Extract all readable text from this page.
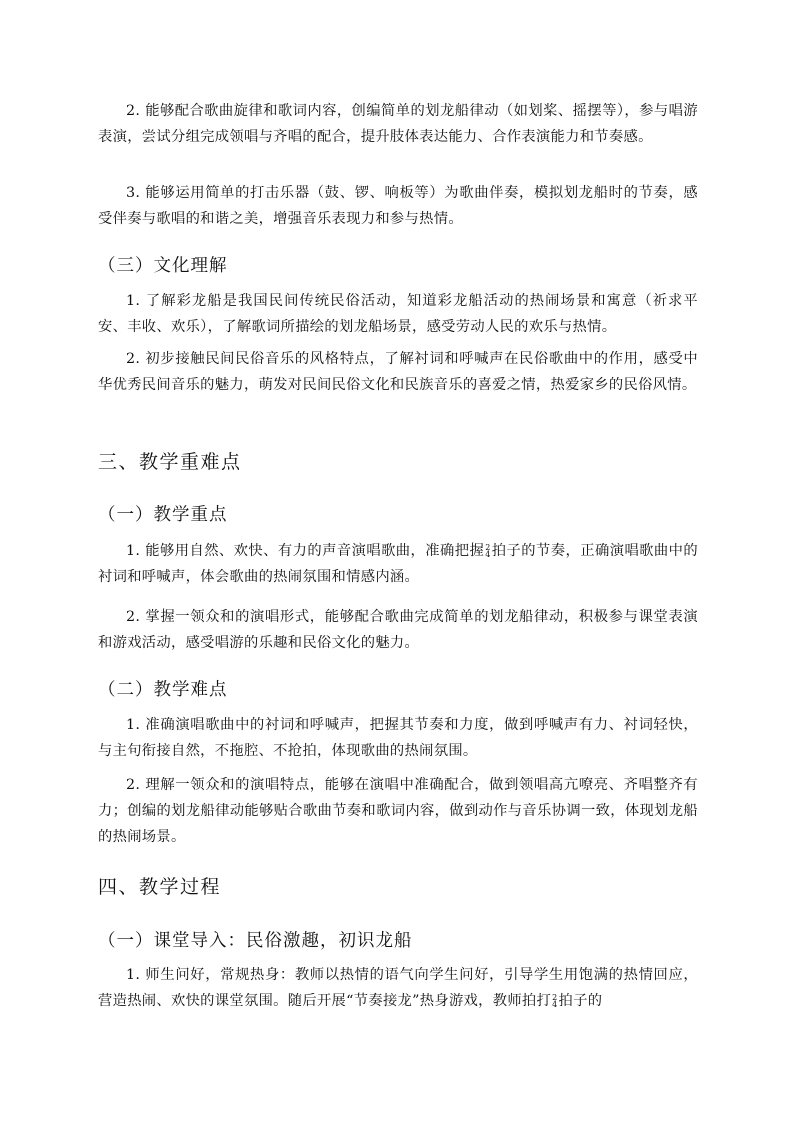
2. 能够配合歌曲旋律和歌词内容，创编简单的划龙船律动（如划桨、摇摆等），参与唱游表演，尝试分组完成领唱与齐唱的配合，提升肢体表达能力、合作表演能力和节奏感。

3. 能够运用简单的打击乐器（鼓、锣、响板等）为歌曲伴奏，模拟划龙船时的节奏，感受伴奏与歌唱的和谐之美，增强音乐表现力和参与热情。

（三）文化理解

1. 了解彩龙船是我国民间传统民俗活动，知道彩龙船活动的热闹场景和寓意（祈求平安、丰收、欢乐），了解歌词所描绘的划龙船场景，感受劳动人民的欢乐与热情。

2. 初步接触民间民俗音乐的风格特点，了解衬词和呼喊声在民俗歌曲中的作用，感受中华优秀民间音乐的魅力，萌发对民间民俗文化和民族音乐的喜爱之情，热爱家乡的民俗风情。

三、教学重难点
（一）教学重点

1. 能够用自然、欢快、有力的声音演唱歌曲，准确把握 2
4 拍子的节奏，正确演唱歌曲中的衬词和呼喊声，体会歌曲的热闹氛围和情感内涵。

2. 掌握一领众和的演唱形式，能够配合歌曲完成简单的划龙船律动，积极参与课堂表演和游戏活动，感受唱游的乐趣和民俗文化的魅力。

（二）教学难点

1. 准确演唱歌曲中的衬词和呼喊声，把握其节奏和力度，做到呼喊声有力、衬词轻快，与主句衔接自然，不拖腔、不抢拍，体现歌曲的热闹氛围。

2. 理解一领众和的演唱特点，能够在演唱中准确配合，做到领唱高亢嘹亮、齐唱整齐有力；创编的划龙船律动能够贴合歌曲节奏和歌词内容，做到动作与音乐协调一致，体现划龙船的热闹场景。

四、教学过程
（一）课堂导入：民俗激趣，初识龙船

1. 师生问好，常规热身：教师以热情的语气向学生问好，引导学生用饱满的热情回应，营造热闹、欢快的课堂氛围。随后开展“节奏接龙”热身游戏，教师拍打 2
4 拍子的
